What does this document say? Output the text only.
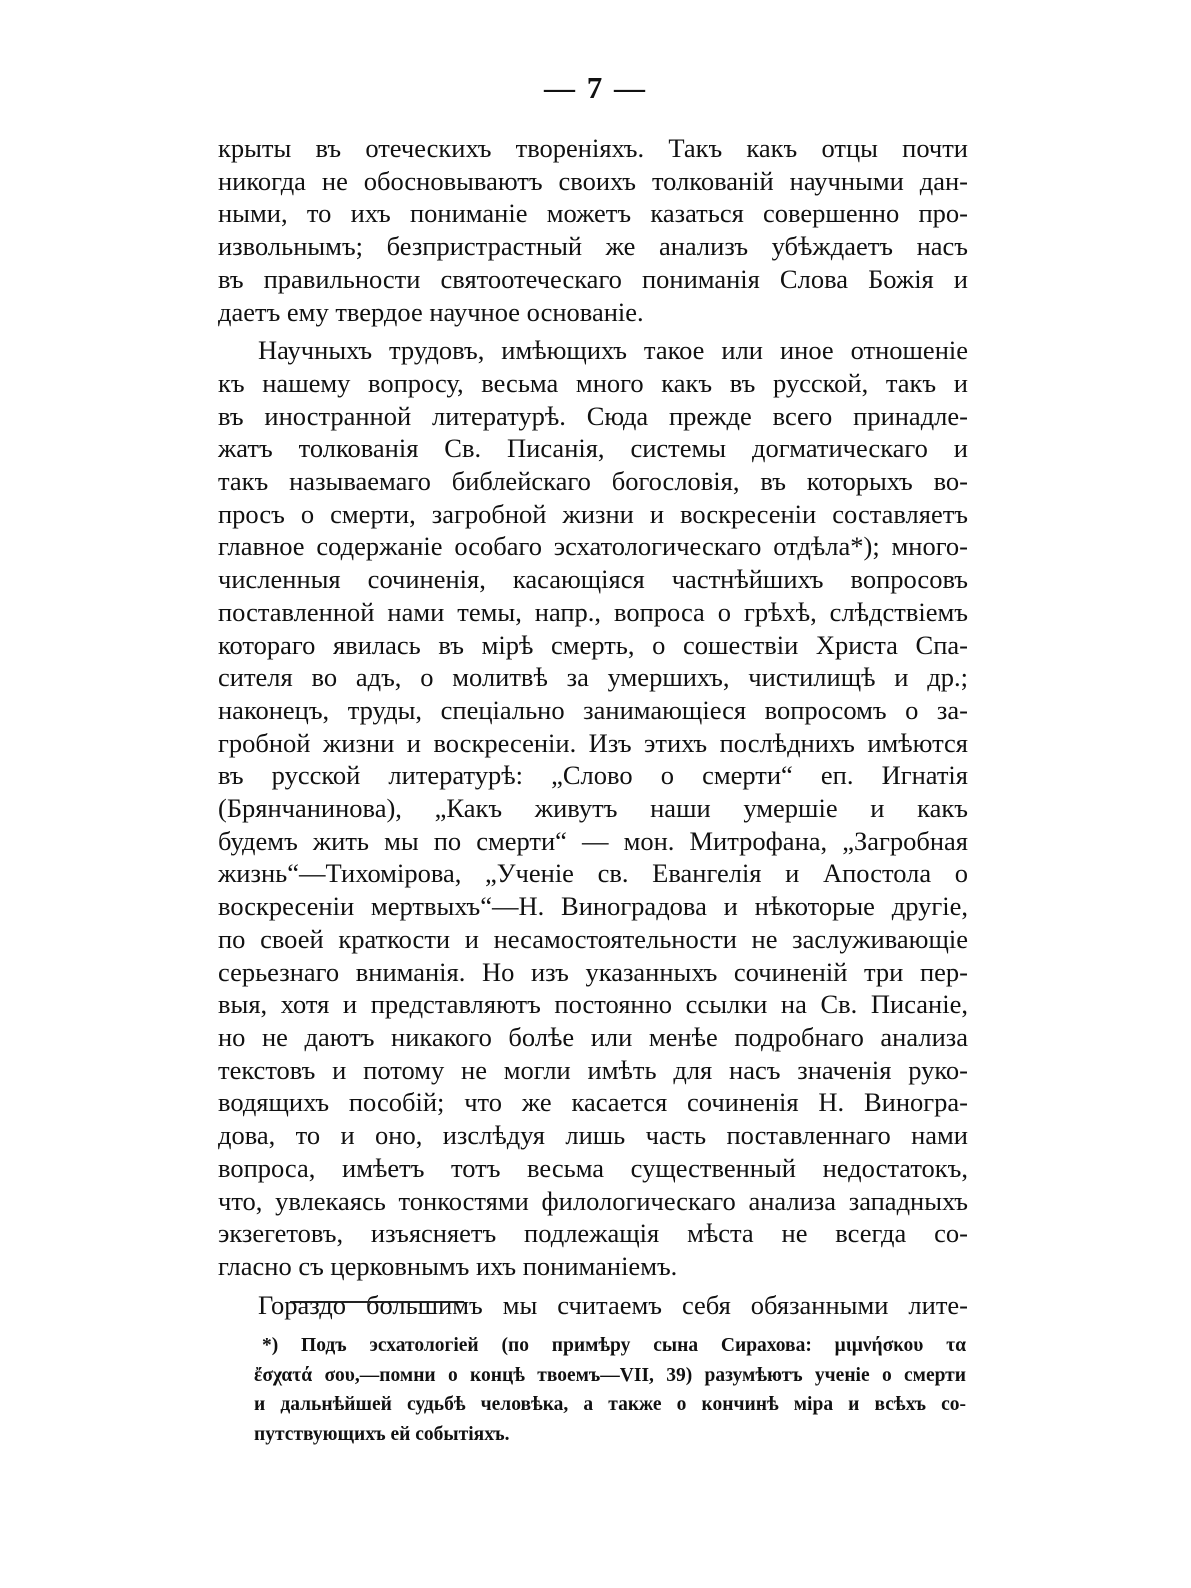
— 7 —

крыты въ отеческихъ твореніяхъ. Такъ какъ отцы почти
никогда не обосновываютъ своихъ толкованій научными дан-
ными, то ихъ пониманіе можетъ казаться совершенно про-
извольнымъ; безпристрастный же анализъ убѣждаетъ насъ
въ правильности святоотеческаго пониманія Слова Божія и
даетъ ему твердое научное основаніе.

Научныхъ трудовъ, имѣющихъ такое или иное отношеніе
къ нашему вопросу, весьма много какъ въ русской, такъ и
въ иностранной литературѣ. Сюда прежде всего принадле-
жатъ толкованія Св. Писанія, системы догматическаго и
такъ называемаго библейскаго богословія, въ которыхъ во-
просъ о смерти, загробной жизни и воскресеніи составляетъ
главное содержаніе особаго эсхатологическаго отдѣла*); много-
численныя сочиненія, касающіяся частнѣйшихъ вопросовъ
поставленной нами темы, напр., вопроса о грѣхѣ, слѣдствіемъ
котораго явилась въ мірѣ смерть, о сошествіи Христа Спа-
сителя во адъ, о молитвѣ за умершихъ, чистилищѣ и др.;
наконецъ, труды, спеціально занимающіеся вопросомъ о за-
гробной жизни и воскресеніи. Изъ этихъ послѣднихъ имѣются
въ русской литературѣ: „Слово о смерти“ еп. Игнатія
(Брянчанинова), „Какъ живутъ наши умершіе и какъ
будемъ жить мы по смерти“ — мон. Митрофана, „Загробная
жизнь“—Тихомірова, „Ученіе св. Евангелія и Апостола о
воскресеніи мертвыхъ“—Н. Виноградова и нѣкоторые другіе,
по своей краткости и несамостоятельности не заслуживающіе
серьезнаго вниманія. Но изъ указанныхъ сочиненій три пер-
выя, хотя и представляютъ постоянно ссылки на Св. Писаніе,
но не даютъ никакого болѣе или менѣе подробнаго анализа
текстовъ и потому не могли имѣть для насъ значенія руко-
водящихъ пособій; что же касается сочиненія Н. Виногра-
дова, то и оно, изслѣдуя лишь часть поставленнаго нами
вопроса, имѣетъ тотъ весьма существенный недостатокъ,
что, увлекаясь тонкостями филологическаго анализа западныхъ
экзегетовъ, изъясняетъ подлежащія мѣста не всегда со-
гласно съ церковнымъ ихъ пониманіемъ.

Гораздо большимъ мы считаемъ себя обязанными лите-

*) Подъ эсхатологіей (по примѣру сына Сирахова: μιμνήσκου τα
ἔσχατά σου,—помни о концѣ твоемъ—VII, 39) разумѣютъ ученіе о смерти
и дальнѣйшей судьбѣ человѣка, а также о кончинѣ міра и всѣхъ со-
путствующихъ ей событіяхъ.
